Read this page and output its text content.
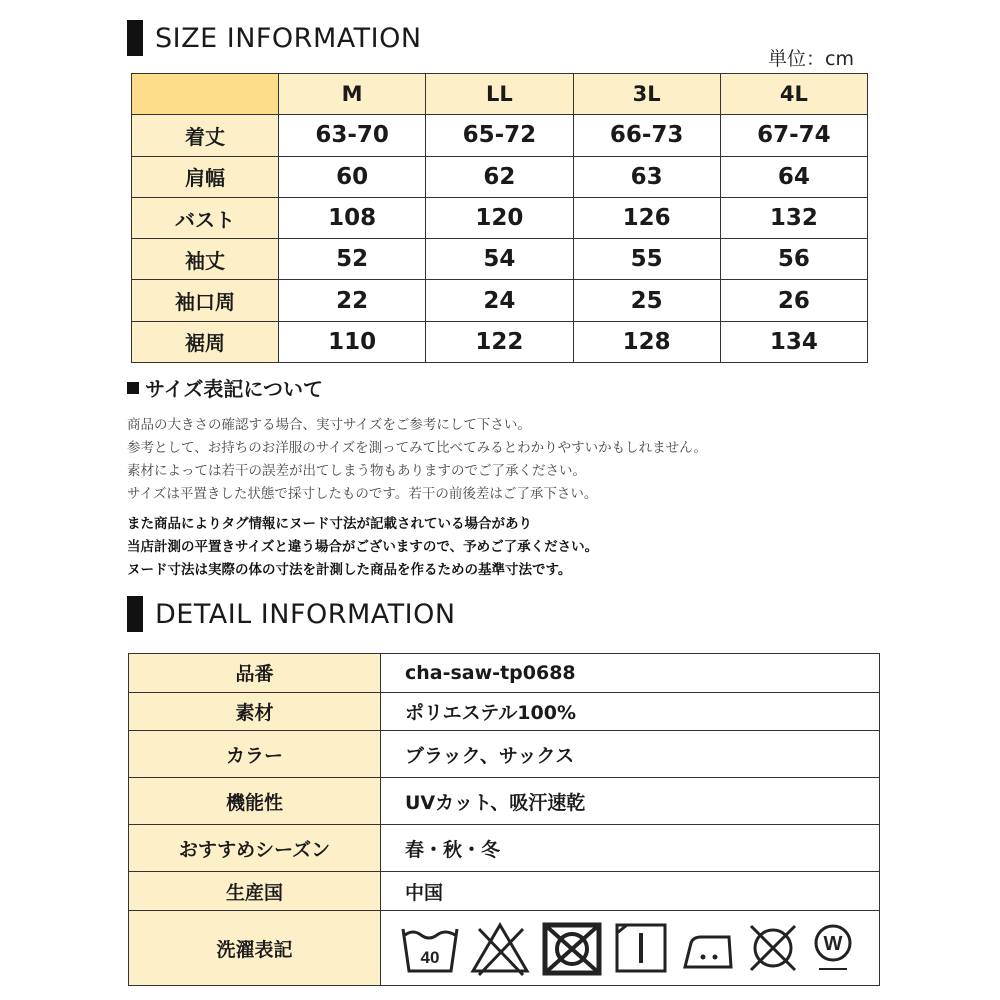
SIZE INFORMATION
単位：cm
	M	LL	3L	4L
着丈	63-70	65-72	66-73	67-74
肩幅	60	62	63	64
バスト	108	120	126	132
袖丈	52	54	55	56
袖口周	22	24	25	26
裾周	110	122	128	134
サイズ表記について
商品の大きさの確認する場合、実寸サイズをご参考にして下さい。
参考として、お持ちのお洋服のサイズを測ってみて比べてみるとわかりやすいかもしれません。
素材によっては若干の誤差が出てしまう物もありますのでご了承ください。
サイズは平置きした状態で採寸したものです。若干の前後差はご了承下さい。
また商品によりタグ情報にヌード寸法が記載されている場合があり
当店計測の平置きサイズと違う場合がございますので、予めご了承ください。
ヌード寸法は実際の体の寸法を計測した商品を作るための基準寸法です。
DETAIL INFORMATION
品番	cha-saw-tp0688
素材	ポリエステル100%
カラー	ブラック、サックス
機能性	UVカット、吸汗速乾
おすすめシーズン	春・秋・冬
生産国	中国
洗濯表記	40
W
